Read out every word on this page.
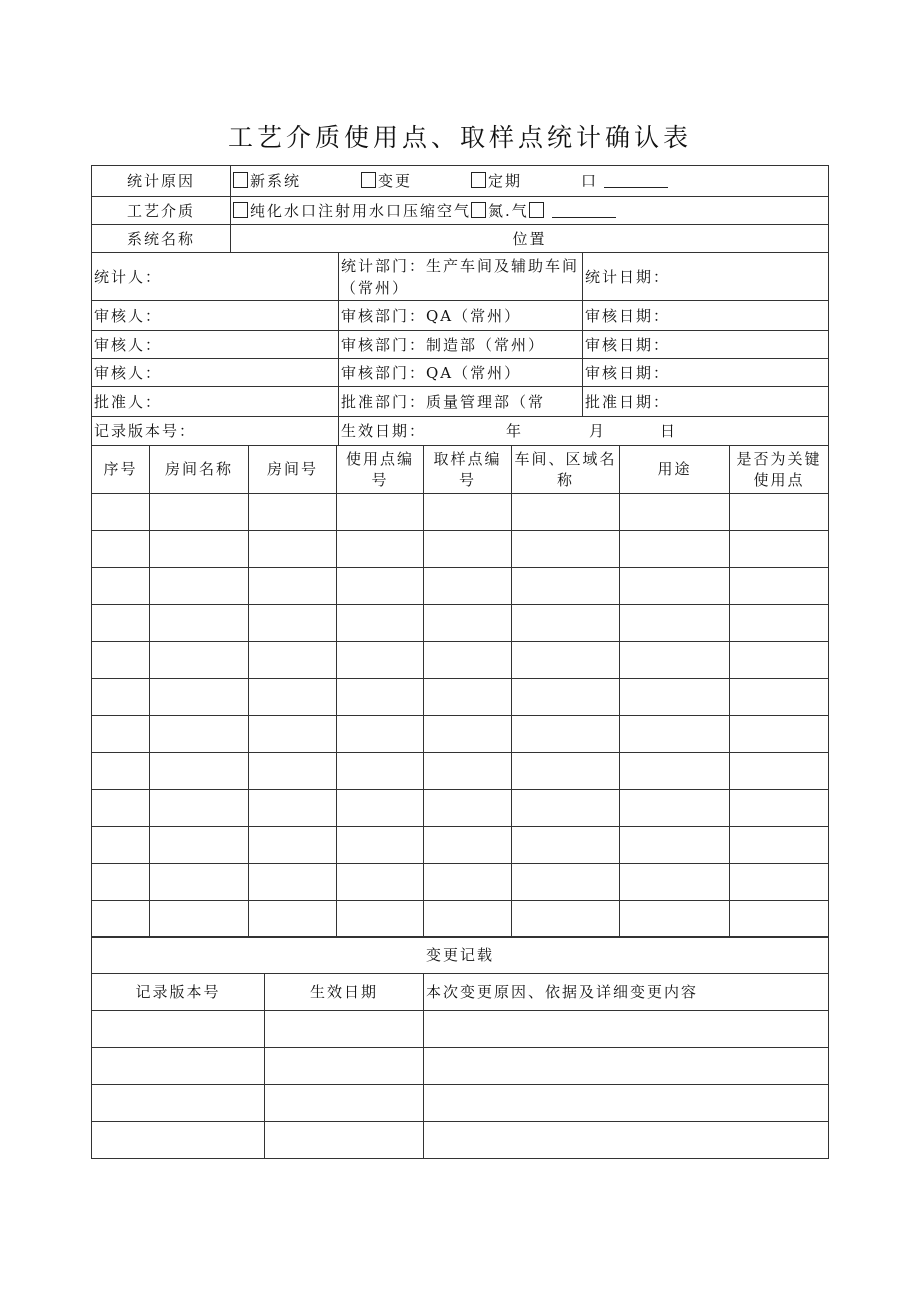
工艺介质使用点、取样点统计确认表
统计原因	新系统 变更 定期 口		
工艺介质	纯化水口注射用水口压缩空气 氮.气		
系统名称	位置		
统计人：		统计部门：生产车间及辅助车间（常州）	统计日期：
审核人：		审核部门：QA（常州）	审核日期：
审核人：		审核部门：制造部（常州）	审核日期：
审核人：		审核部门：QA（常州）	审核日期：
批准人：		批准部门：质量管理部（常	批准日期：
记录版本号：		生效日期： 年 月 日	
序号	房间名称	房间号	使用点编号	取样点编号	车间、区域名称	用途	是否为关键使用点

变更记载		
记录版本号	生效日期	本次变更原因、依据及详细变更内容
